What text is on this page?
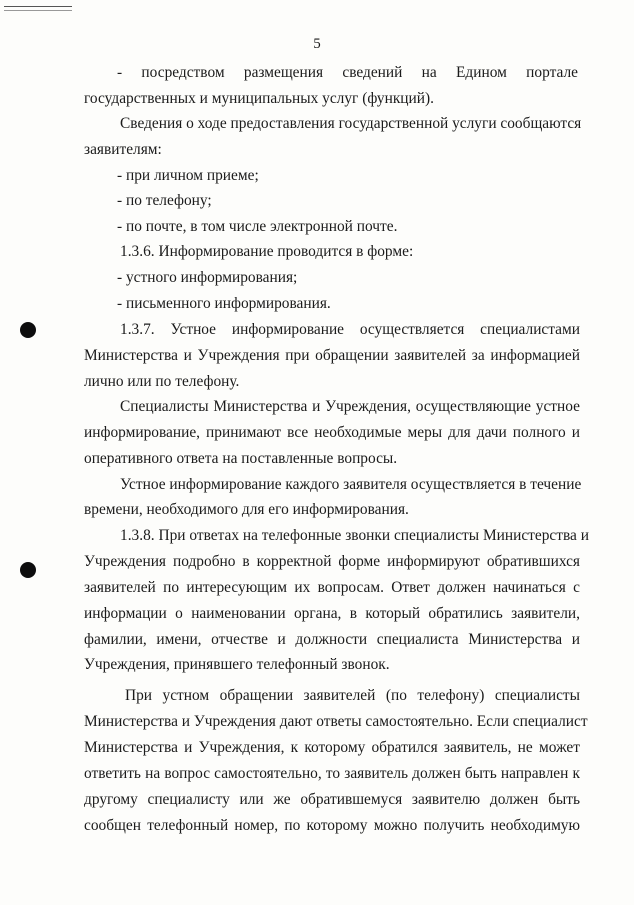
5
- посредством размещения сведений на Едином портале
государственных и муниципальных услуг (функций).
Сведения о ходе предоставления государственной услуги сообщаются
заявителям:
- при личном приеме;
- по телефону;
- по почте, в том числе электронной почте.
1.3.6. Информирование проводится в форме:
- устного информирования;
- письменного информирования.
1.3.7. Устное информирование осуществляется специалистами
Министерства и Учреждения при обращении заявителей за информацией
лично или по телефону.
Специалисты Министерства и Учреждения, осуществляющие устное
информирование, принимают все необходимые меры для дачи полного и
оперативного ответа на поставленные вопросы.
Устное информирование каждого заявителя осуществляется в течение
времени, необходимого для его информирования.
1.3.8. При ответах на телефонные звонки специалисты Министерства и
Учреждения подробно в корректной форме информируют обратившихся
заявителей по интересующим их вопросам. Ответ должен начинаться с
информации о наименовании органа, в который обратились заявители,
фамилии, имени, отчестве и должности специалиста Министерства и
Учреждения, принявшего телефонный звонок.
При устном обращении заявителей (по телефону) специалисты
Министерства и Учреждения дают ответы самостоятельно. Если специалист
Министерства и Учреждения, к которому обратился заявитель, не может
ответить на вопрос самостоятельно, то заявитель должен быть направлен к
другому специалисту или же обратившемуся заявителю должен быть
сообщен телефонный номер, по которому можно получить необходимую
